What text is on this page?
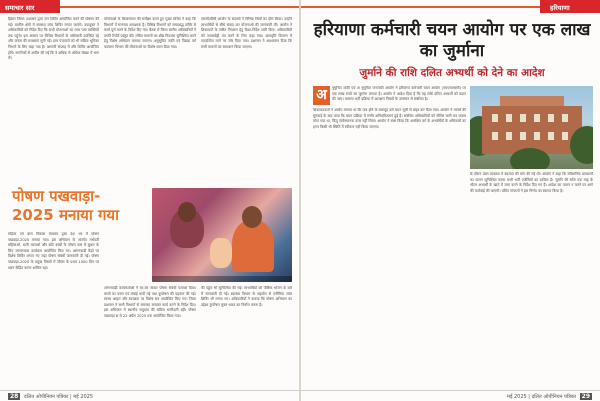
समाचार सार
हिसार जिला: प्रशासन द्वारा जन शिविर आयोजित करने की घोषणा की गई। ग्रामीण क्षेत्रों में स्वास्थ्य जांच शिविर लगाए जाएंगे। उपायुक्त ने अधिकारियों को निर्देश दिए कि सभी योजनाओं का लाभ पात्र व्यक्तियों तक पहुंचे। इस अवसर पर विभिन्न विभागों के अधिकारी उपस्थित रहे और जनता की समस्याएं सुनी गईं। ग्राम पंचायतों को भी सक्रिय भूमिका निभाने के लिए कहा गया है। आगामी सप्ताह में और शिविर आयोजित होंगे। नागरिकों से अपील की गई कि वे अधिक से अधिक संख्या में भाग लें।
योजनाओं के क्रियान्वयन की समीक्षा करते हुए मुख्य सचिव ने कहा कि विभागों में समन्वय आवश्यक है। विभिन्न विभागों को समयबद्ध तरीके से कार्य पूर्ण करने के निर्देश दिए गए। बैठक में जिला स्तरीय अधिकारियों ने प्रगति रिपोर्ट प्रस्तुत की। लंबित मामलों का शीघ्र निपटारा सुनिश्चित करने हेतु विशेष अभियान चलाया जाएगा। अनुसूचित जाति एवं पिछड़ा वर्ग कल्याण विभाग की योजनाओं पर विशेष ध्यान दिया गया।
एससी/बीसी आयोग के सदस्यों ने विभिन्न जिलों का दौरा किया। उन्होंने लाभार्थियों से सीधे संवाद कर योजनाओं की जानकारी ली। आयोग ने शिकायतों के त्वरित निवारण हेतु दिशा-निर्देश जारी किए। अधिकारियों को जवाबदेही तय करने के लिए कहा गया। छात्रवृत्ति वितरण में पारदर्शिता लाने पर जोर दिया गया। प्रशासन ने आश्वासन दिया कि सभी मामलों का समाधान किया जाएगा।
पोषण पखवाड़ा-
2025 मनाया गया
महिला एवं बाल विकास मंत्रालय द्वारा देश भर में पोषण पखवाड़ा-2025 मनाया गया। इस अभियान के अंतर्गत गर्भवती महिलाओं, धात्री माताओं और छोटे बच्चों के पोषण स्तर में सुधार के लिए जागरूकता कार्यक्रम आयोजित किए गए। आंगनवाड़ी केंद्रों पर विशेष शिविर लगाए गए जहां पोषण संबंधी जानकारी दी गई। पोषण पखवाड़ा-2025 के प्रमुख विषयों में जीवन के प्रथम 1000 दिन पर ध्यान केंद्रित करना शामिल रहा।
आंगनवाड़ी कार्यकर्ताओं ने घर-घर जाकर पोषण संबंधी परामर्श दिया। बच्चों का वजन एवं लंबाई मापी गई तथा कुपोषण की पहचान की गई। स्वस्थ आहार और स्वच्छता पर विशेष सत्र आयोजित किए गए। जिला प्रशासन ने सभी विभागों से समन्वय बनाकर कार्य करने के निर्देश दिए। इस अभियान में स्थानीय समुदाय की सक्रिय भागीदारी रही। पोषण पखवाड़ा 8 से 22 अप्रैल 2025 तक आयोजित किया गया।
की पहुंच भी सुनिश्चित की गई। लाभार्थियों को पौष्टिक भोजन के बारे में जानकारी दी गई। स्वास्थ्य विभाग के सहयोग से एनीमिया जांच शिविर भी लगाए गए। अधिकारियों ने बताया कि पोषण अभियान का उद्देश्य कुपोषण मुक्त भारत का निर्माण करना है।
28	दलित ओपीनियन पत्रिका | मई 2025
हरियाणा
हरियाणा कर्मचारी चयन आयोग पर एक लाख का जुर्माना
जुर्माने की राशि दलित अभ्यर्थी को देने का आदेश
अ	नुसूचित जाति एवं अ नुसूचित जनजाति आयोग ने हरियाणा कर्मचारी चयन आयोग (एचएसएससी) पर एक लाख रुपये का जुर्माना लगाया है। आयोग ने आदेश दिया है कि यह राशि दलित अभ्यर्थी को प्रदान की जाए। मामला भर्ती प्रक्रिया में आरक्षण नियमों के उल्लंघन से संबंधित है।
शिकायतकर्ता ने आरोप लगाया था कि पात्र होने के बावजूद उसे चयन सूची से बाहर कर दिया गया। आयोग ने मामले की सुनवाई के बाद पाया कि चयन प्रक्रिया में गंभीर अनियमितताएं हुई हैं। संबंधित अधिकारियों को नोटिस जारी कर जवाब मांगा गया था, किंतु संतोषजनक उत्तर नहीं मिला। आयोग ने स्पष्ट किया कि आरक्षित वर्ग के अभ्यर्थियों के अधिकारों का हनन किसी भी स्थिति में स्वीकार नहीं किया जाएगा।
के दौरान उक्त व्यवस्था में बदलाव की मांग की गई थी। आयोग ने कहा कि संवैधानिक प्रावधानों का पालन सुनिश्चित करना सभी भर्ती एजेंसियों का दायित्व है। जुर्माने की राशि एक माह के भीतर अभ्यर्थी के खाते में जमा करने के निर्देश दिए गए हैं। आदेश का पालन न करने पर आगे की कार्रवाई की जाएगी। दलित संगठनों ने इस निर्णय का स्वागत किया है।
मई 2025 | दलित ओपीनियन पत्रिका 29
